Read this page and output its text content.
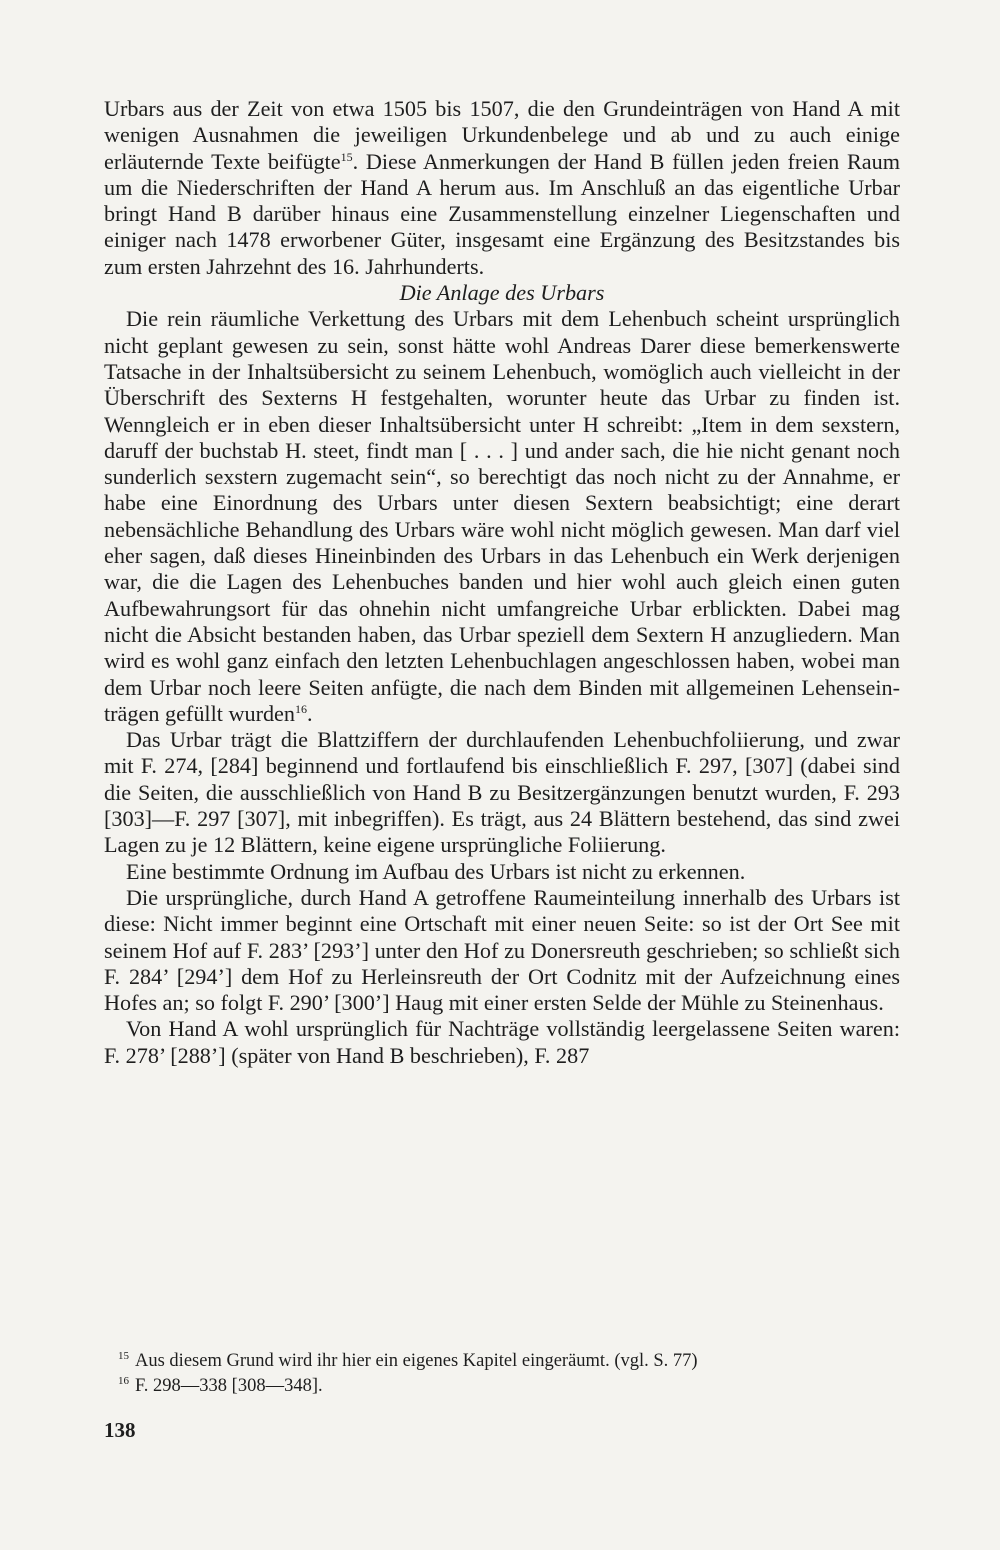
Urbars aus der Zeit von etwa 1505 bis 1507, die den Grundeinträgen von Hand A mit wenigen Ausnahmen die jeweiligen Urkundenbelege und ab und zu auch einige erläuternde Texte beifügte$^{15}$. Diese Anmerkungen der Hand B füllen jeden freien Raum um die Niederschriften der Hand A herum aus. Im Anschluß an das eigentliche Urbar bringt Hand B darüber hinaus eine Zusammenstellung einzelner Liegenschaften und einiger nach 1478 erworbener Güter, insgesamt eine Ergänzung des Besitzstandes bis zum ersten Jahrzehnt des 16. Jahrhunderts.

Die Anlage des Urbars

Die rein räumliche Verkettung des Urbars mit dem Lehenbuch scheint ursprünglich nicht geplant gewesen zu sein, sonst hätte wohl Andreas Darer diese bemerkenswerte Tatsache in der Inhaltsübersicht zu seinem Lehenbuch, womöglich auch vielleicht in der Überschrift des Sexterns H festgehalten, worunter heute das Urbar zu finden ist. Wenngleich er in eben dieser Inhaltsübersicht unter H schreibt: „Item in dem sexstern, daruff der buchstab H. steet, findt man [ . . . ] und ander sach, die hie nicht genant noch sunderlich sexstern zugemacht sein“, so berechtigt das noch nicht zu der Annahme, er habe eine Einordnung des Urbars unter diesen Sextern beabsichtigt; eine derart nebensächliche Behandlung des Urbars wäre wohl nicht möglich gewesen. Man darf viel eher sagen, daß dieses Hineinbinden des Urbars in das Lehenbuch ein Werk derjenigen war, die die Lagen des Lehenbuches banden und hier wohl auch gleich einen guten Aufbewahrungsort für das ohnehin nicht umfangreiche Urbar erblickten. Dabei mag nicht die Absicht bestanden haben, das Urbar speziell dem Sextern H anzugliedern. Man wird es wohl ganz einfach den letzten Lehenbuchlagen angeschlossen haben, wobei man dem Urbar noch leere Seiten anfügte, die nach dem Binden mit allgemeinen Lehenseinträgen gefüllt wurden$^{16}$.

Das Urbar trägt die Blattziffern der durchlaufenden Lehenbuchfoliierung, und zwar mit F. 274, [284] beginnend und fortlaufend bis einschließlich F. 297, [307] (dabei sind die Seiten, die ausschließlich von Hand B zu Besitzergänzungen benutzt wurden, F. 293 [303]—F. 297 [307], mit inbegriffen). Es trägt, aus 24 Blättern bestehend, das sind zwei Lagen zu je 12 Blättern, keine eigene ursprüngliche Foliierung.

Eine bestimmte Ordnung im Aufbau des Urbars ist nicht zu erkennen.

Die ursprüngliche, durch Hand A getroffene Raumeinteilung innerhalb des Urbars ist diese: Nicht immer beginnt eine Ortschaft mit einer neuen Seite: so ist der Ort See mit seinem Hof auf F. 283’ [293’] unter den Hof zu Donersreuth geschrieben; so schließt sich F. 284’ [294’] dem Hof zu Herleinsreuth der Ort Codnitz mit der Aufzeichnung eines Hofes an; so folgt F. 290’ [300’] Haug mit einer ersten Selde der Mühle zu Steinenhaus.

Von Hand A wohl ursprünglich für Nachträge vollständig leergelassene Seiten waren: F. 278’ [288’] (später von Hand B beschrieben), F. 287

$^{15}$ Aus diesem Grund wird ihr hier ein eigenes Kapitel eingeräumt. (vgl. S. 77)

$^{16}$ F. 298—338 [308—348].

138
